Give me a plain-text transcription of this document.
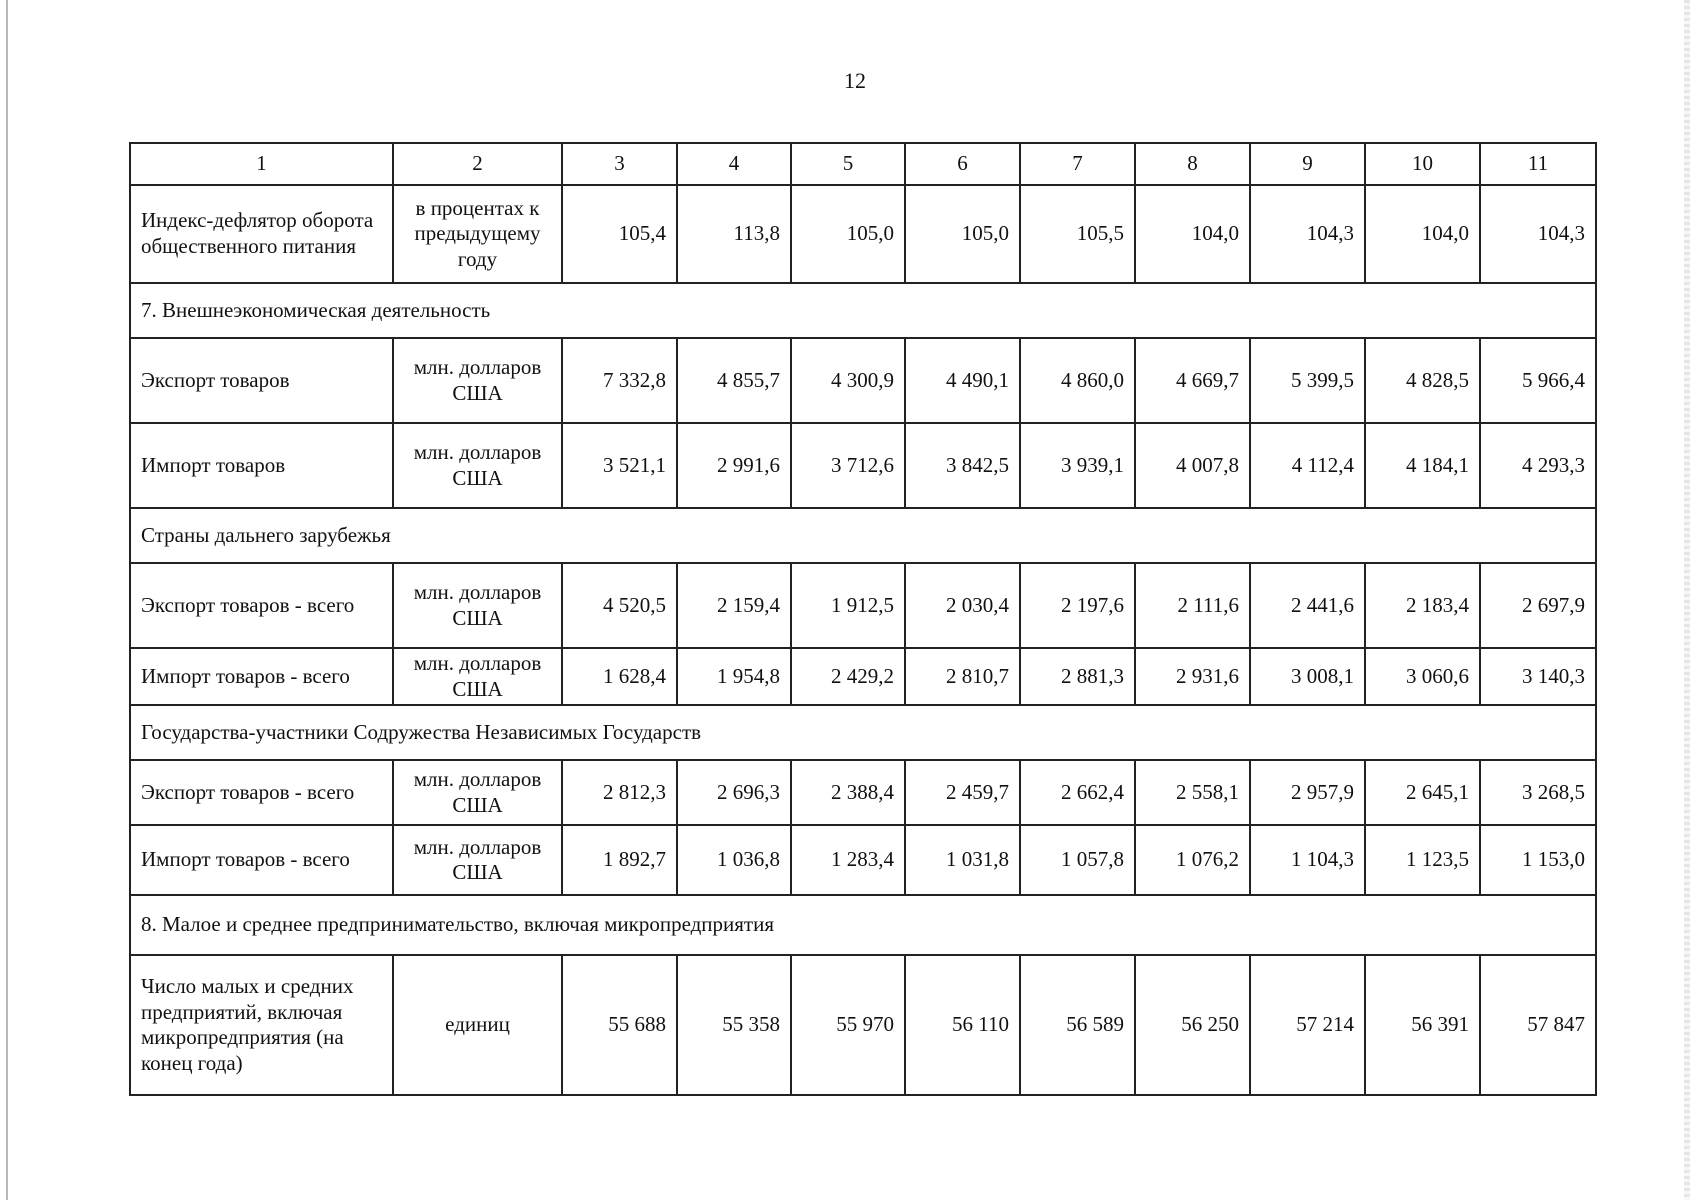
12
1	2	3	4	5	6	7	8	9	10	11
Индекс-дефлятор оборота общественного питания	в процентах к предыдущему году	105,4	113,8	105,0	105,0	105,5	104,0	104,3	104,0	104,3
7. Внешнеэкономическая деятельность										
Экспорт товаров	млн. долларов США	7 332,8	4 855,7	4 300,9	4 490,1	4 860,0	4 669,7	5 399,5	4 828,5	5 966,4
Импорт товаров	млн. долларов США	3 521,1	2 991,6	3 712,6	3 842,5	3 939,1	4 007,8	4 112,4	4 184,1	4 293,3
Страны дальнего зарубежья										
Экспорт товаров - всего	млн. долларов США	4 520,5	2 159,4	1 912,5	2 030,4	2 197,6	2 111,6	2 441,6	2 183,4	2 697,9
Импорт товаров - всего	млн. долларов США	1 628,4	1 954,8	2 429,2	2 810,7	2 881,3	2 931,6	3 008,1	3 060,6	3 140,3
Государства-участники Содружества Независимых Государств										
Экспорт товаров - всего	млн. долларов США	2 812,3	2 696,3	2 388,4	2 459,7	2 662,4	2 558,1	2 957,9	2 645,1	3 268,5
Импорт товаров - всего	млн. долларов США	1 892,7	1 036,8	1 283,4	1 031,8	1 057,8	1 076,2	1 104,3	1 123,5	1 153,0
8. Малое и среднее предпринимательство, включая микропредприятия										
Число малых и средних предприятий, включая микропредприятия (на конец года)	единиц	55 688	55 358	55 970	56 110	56 589	56 250	57 214	56 391	57 847
